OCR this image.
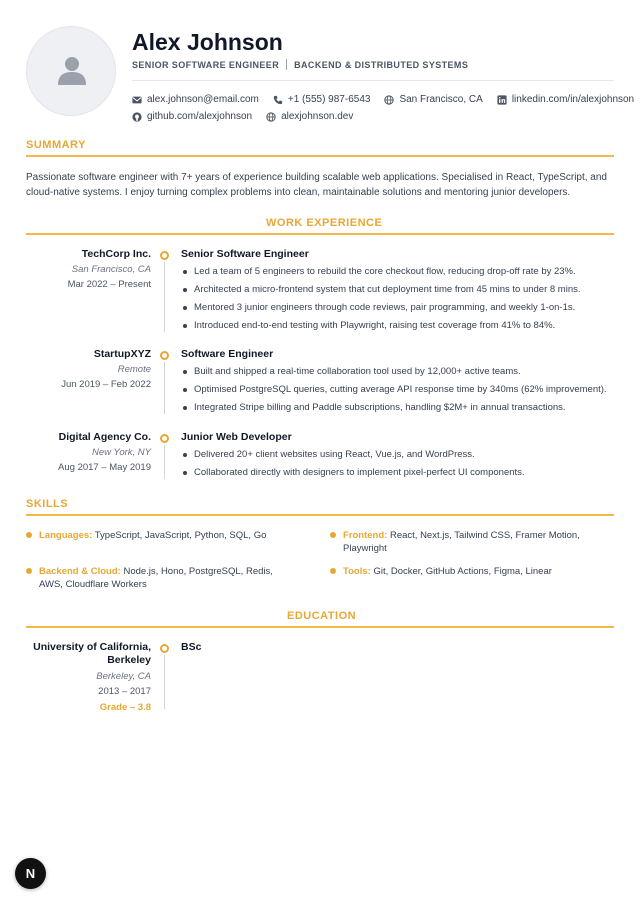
Alex Johnson
SENIOR SOFTWARE ENGINEER BACKEND & DISTRIBUTED SYSTEMS
alex.johnson@email.com	+1 (555) 987-6543	San Francisco, CA	linkedin.com/in/alexjohnson
github.com/alexjohnson	alexjohnson.dev
SUMMARY
Passionate software engineer with 7+ years of experience building scalable web applications. Specialised in React, TypeScript, and cloud-native systems. I enjoy turning complex problems into clean, maintainable solutions and mentoring junior developers.
WORK EXPERIENCE
TechCorp Inc.
San Francisco, CA
Mar 2022 – Present
Senior Software Engineer
Led a team of 5 engineers to rebuild the core checkout flow, reducing drop-off rate by 23%.
Architected a micro-frontend system that cut deployment time from 45 mins to under 8 mins.
Mentored 3 junior engineers through code reviews, pair programming, and weekly 1-on-1s.
Introduced end-to-end testing with Playwright, raising test coverage from 41% to 84%.
StartupXYZ
Remote
Jun 2019 – Feb 2022
Software Engineer
Built and shipped a real-time collaboration tool used by 12,000+ active teams.
Optimised PostgreSQL queries, cutting average API response time by 340ms (62% improvement).
Integrated Stripe billing and Paddle subscriptions, handling $2M+ in annual transactions.
Digital Agency Co.
New York, NY
Aug 2017 – May 2019
Junior Web Developer
Delivered 20+ client websites using React, Vue.js, and WordPress.
Collaborated directly with designers to implement pixel-perfect UI components.
SKILLS
Languages: TypeScript, JavaScript, Python, SQL, Go	Frontend: React, Next.js, Tailwind CSS, Framer Motion, Playwright
Backend & Cloud: Node.js, Hono, PostgreSQL, Redis, AWS, Cloudflare Workers
Tools: Git, Docker, GitHub Actions, Figma, Linear
EDUCATION
University of California, Berkeley
Berkeley, CA
2013 – 2017
Grade – 3.8
BSc
N
